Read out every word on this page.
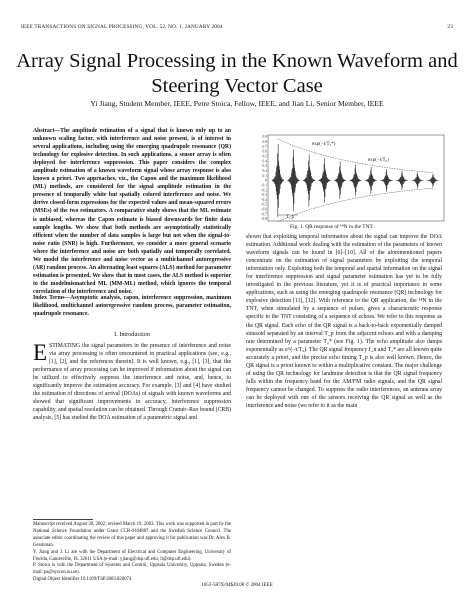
IEEE TRANSACTIONS ON SIGNAL PROCESSING, VOL. 52, NO. 1, JANUARY 2004	23
Array Signal Processing in the Known Waveform and Steering Vector Case
Yi Jiang, Student Member, IEEE, Petre Stoica, Fellow, IEEE, and Jian Li, Senior Member, IEEE

Abstract—The amplitude estimation of a signal that is known only up to an unknown scaling factor, with interference and noise present, is of interest in several applications, including using the emerging quadrupole resonance (QR) technology for explosive detection. In such applications, a sensor array is often deployed for interference suppression. This paper considers the complex amplitude estimation of a known waveform signal whose array response is also known a priori. Two approaches, viz., the Capon and the maximum likelihood (ML) methods, are considered for the signal amplitude estimation in the presence of temporally white but spatially colored interference and noise. We derive closed-form expressions for the expected values and mean-squared errors (MSEs) of the two estimators. A comparative study shows that the ML estimate is unbiased, whereas the Capon estimate is biased downwards for finite data sample lengths. We show that both methods are asymptotically statistically efficient when the number of data samples is large but not when the signal-to-noise ratio (SNR) is high. Furthermore, we consider a more general scenario where the interference and noise are both spatially and temporally correlated. We model the interference and noise vector as a multichannel autoregressive (AR) random process. An alternating least squares (ALS) method for parameter estimation is presented. We show that in most cases, the ALS method is superior to the modelmismatched ML (MM-ML) method, which ignores the temporal correlation of the interference and noise.

Index Terms—Asymptotic analysis, capon, interference suppression, maximum likelihood, multichannel autoregressive random process, parameter estimation, quadrupole resonance.

I. Introduction
E STIMATING the signal parameters in the presence of interference and noise via array processing is often encountered in practical applications (see, e.g., [1], [2], and the references therein). It is well known, e.g., [1], [3], that the performance of array processing can be improved if information about the signal can be utilized to effectively suppress the interference and noise, and, hence, to significantly improve the estimation accuracy. For example, [3] and [4] have studied the estimation of directions of arrival (DOAs) of signals with known waveforms and showed that significant improvements in accuracy, interference suppression capability, and spatial resolution can be obtained. Through Cramér–Rao bound (CRB) analysis, [5] has studied the DOA estimation of a parametric signal and

Manuscript received August 30, 2002; revised March 19, 2003. This work was supported in part by the National Science Foundation under Grant CCR-0104887 and the Swedish Science Council. The associate editor coordinating the review of this paper and approving it for publication was Dr. Alex B. Gershman.

Y. Jiang and J. Li are with the Department of Electrical and Computer Engineering, University of Florida, Gainesville, FL 32611 USA (e-mail: yjiang@dsp.ufl.edu; li@dsp.ufl.edu).

P. Stoica is with the Department of Systems and Control, Uppsala University, Uppsala, Sweden (e-mail: ps@syscon.uu.se).

Digital Object Identifier 10.1109/TSP.2003.820074

0.9
0.8
0.7
0.6
0.5
0.4
0.3
0.2
0.1
0
-0.1
-0.2
-0.3
-0.4
-0.5
-0.6
-0.7
-0.8
exp(−t/T₂*)
exp(−t/T₂)
τ
T_p
Fig. 1. QR response of ¹⁴N in the TNT.

shown that exploiting temporal information about the signal can improve the DOA estimation. Additional work dealing with the estimation of the parameters of known waveform signals can be found in [6]–[10]. All of the aforementioned papers concentrate on the estimation of signal parameters by exploiting the temporal information only. Exploiting both the temporal and spatial information on the signal for interference suppression and signal parameter estimation has yet to be fully investigated in the previous literature, yet it is of practical importance in some applications, such as using the emerging quadrupole resonance (QR) technology for explosive detection [11], [12]. With reference to the QR application, the ¹⁴N in the TNT, when stimulated by a sequence of pulses, gives a characteristic response specific to the TNT consisting of a sequence of echoes. We refer to this response as the QR signal. Each echo of the QR signal is a back-to-back exponentially damped sinusoid separated by an interval T_p from the adjacent echoes and with a damping rate determined by a parameter T₂* (see Fig. 1). The echo amplitude also damps exponentially as e^(−t/T₂). The QR signal frequency f_n and T₂* are all known quite accurately a priori, and the precise echo timing T_p is also well known. Hence, the QR signal is a priori known to within a multiplicative constant. The major challenge of using the QR technology for landmine detection is that the QR signal frequency falls within the frequency band for the AM/FM radio signals, and the QR signal frequency cannot be changed. To suppress the radio interferences, an antenna array can be deployed with one of the sensors receiving the QR signal as well as the interference and noise (we refer to it as the main

1053-587X/04$20.00 © 2004 IEEE
